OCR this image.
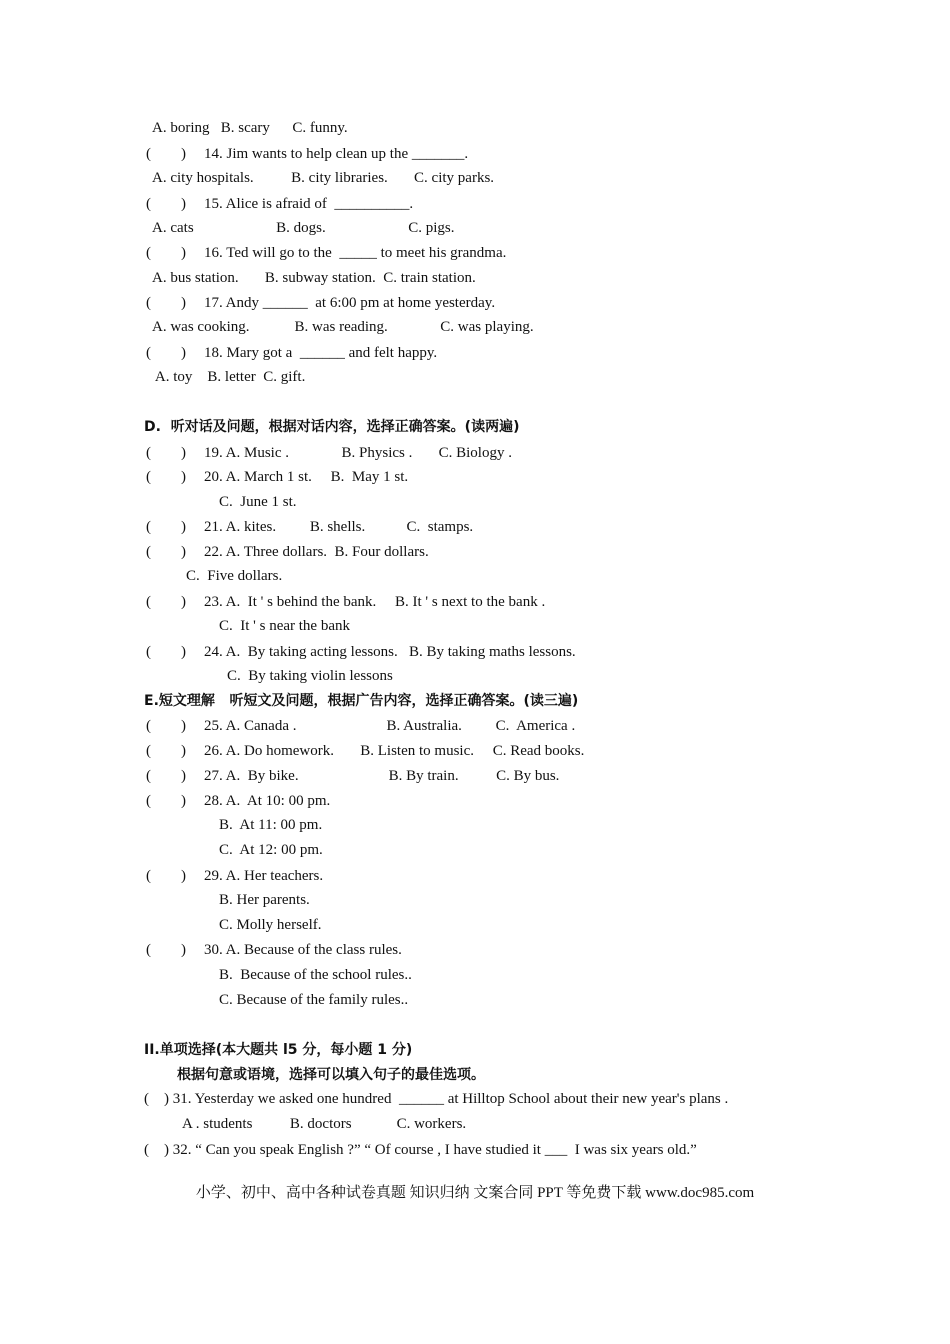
A. boring   B. scary      C. funny.
(        ) 14. Jim wants to help clean up the _______.
A. city hospitals.          B. city libraries.       C. city parks.
(        ) 15. Alice is afraid of  __________.
A. cats                      B. dogs.                      C. pigs.
(        ) 16. Ted will go to the  _____ to meet his grandma.
A. bus station.       B. subway station.  C. train station.
(        ) 17. Andy ______  at 6:00 pm at home yesterday.
A. was cooking.            B. was reading.              C. was playing.
(        ) 18. Mary got a  ______ and felt happy.
A. toy    B. letter  C. gift.
D.  听对话及问题，根据对话内容，选择正确答案。(读两遍)
(        ) 19. A. Music .              B. Physics .       C. Biology .
(        ) 20. A. March 1 st.     B.  May 1 st.
C.  June 1 st.
(        ) 21. A. kites.         B. shells.           C.  stamps.
(        ) 22. A. Three dollars.  B. Four dollars.
C.  Five dollars.
(        ) 23. A.  It ' s behind the bank.     B. It ' s next to the bank .
C.  It ' s near the bank
(        ) 24. A.  By taking acting lessons.   B. By taking maths lessons.
C.  By taking violin lessons
E.短文理解   听短文及问题，根据广告内容，选择正确答案。(读三遍)
(        ) 25. A. Canada .                        B. Australia.         C.  America .
(        ) 26. A. Do homework.       B. Listen to music.     C. Read books.
(        ) 27. A.  By bike.                        B. By train.          C. By bus.
(        ) 28. A.  At 10: 00 pm.
B.  At 11: 00 pm.
C.  At 12: 00 pm.
(        ) 29. A. Her teachers.
B. Her parents.
C. Molly herself.
(        ) 30. A. Because of the class rules.
B.  Because of the school rules..
C. Because of the family rules..
II.单项选择(本大题共 l5 分，每小题 1 分)
根据句意或语境，选择可以填入句子的最佳选项。
(    ) 31. Yesterday we asked one hundred  ______ at Hilltop School about their new year's plans .
A . students          B. doctors            C. workers.
(    ) 32. “ Can you speak English ?” “ Of course , I have studied it ___  I was six years old.”
小学、初中、高中各种试卷真题 知识归纳 文案合同 PPT 等免费下载 www.doc985.com
